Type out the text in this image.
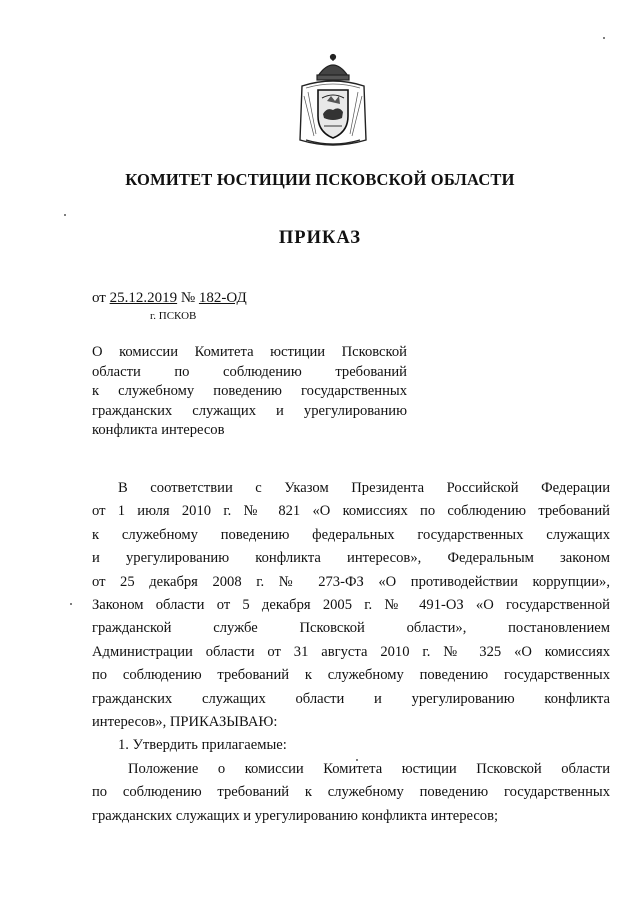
КОМИТЕТ ЮСТИЦИИ ПСКОВСКОЙ ОБЛАСТИ
ПРИКАЗ
от 25.12.2019 № 182-ОД
г. ПСКОВ
О комиссии Комитета юстиции Псковской
области по соблюдению требований
к служебному поведению государственных
гражданских служащих и урегулированию
конфликта интересов
В соответствии с Указом Президента Российской Федерации
от 1 июля 2010 г. № 821 «О комиссиях по соблюдению требований
к служебному поведению федеральных государственных служащих
и урегулированию конфликта интересов», Федеральным законом
от 25 декабря 2008 г. № 273-ФЗ «О противодействии коррупции»,
Законом области от 5 декабря 2005 г. № 491-ОЗ «О государственной
гражданской службе Псковской области», постановлением
Администрации области от 31 августа 2010 г. № 325 «О комиссиях
по соблюдению требований к служебному поведению государственных
гражданских служащих области и урегулированию конфликта
интересов», ПРИКАЗЫВАЮ:
1. Утвердить прилагаемые:
Положение о комиссии Комитета юстиции Псковской области
по соблюдению требований к служебному поведению государственных
гражданских служащих и урегулированию конфликта интересов;
